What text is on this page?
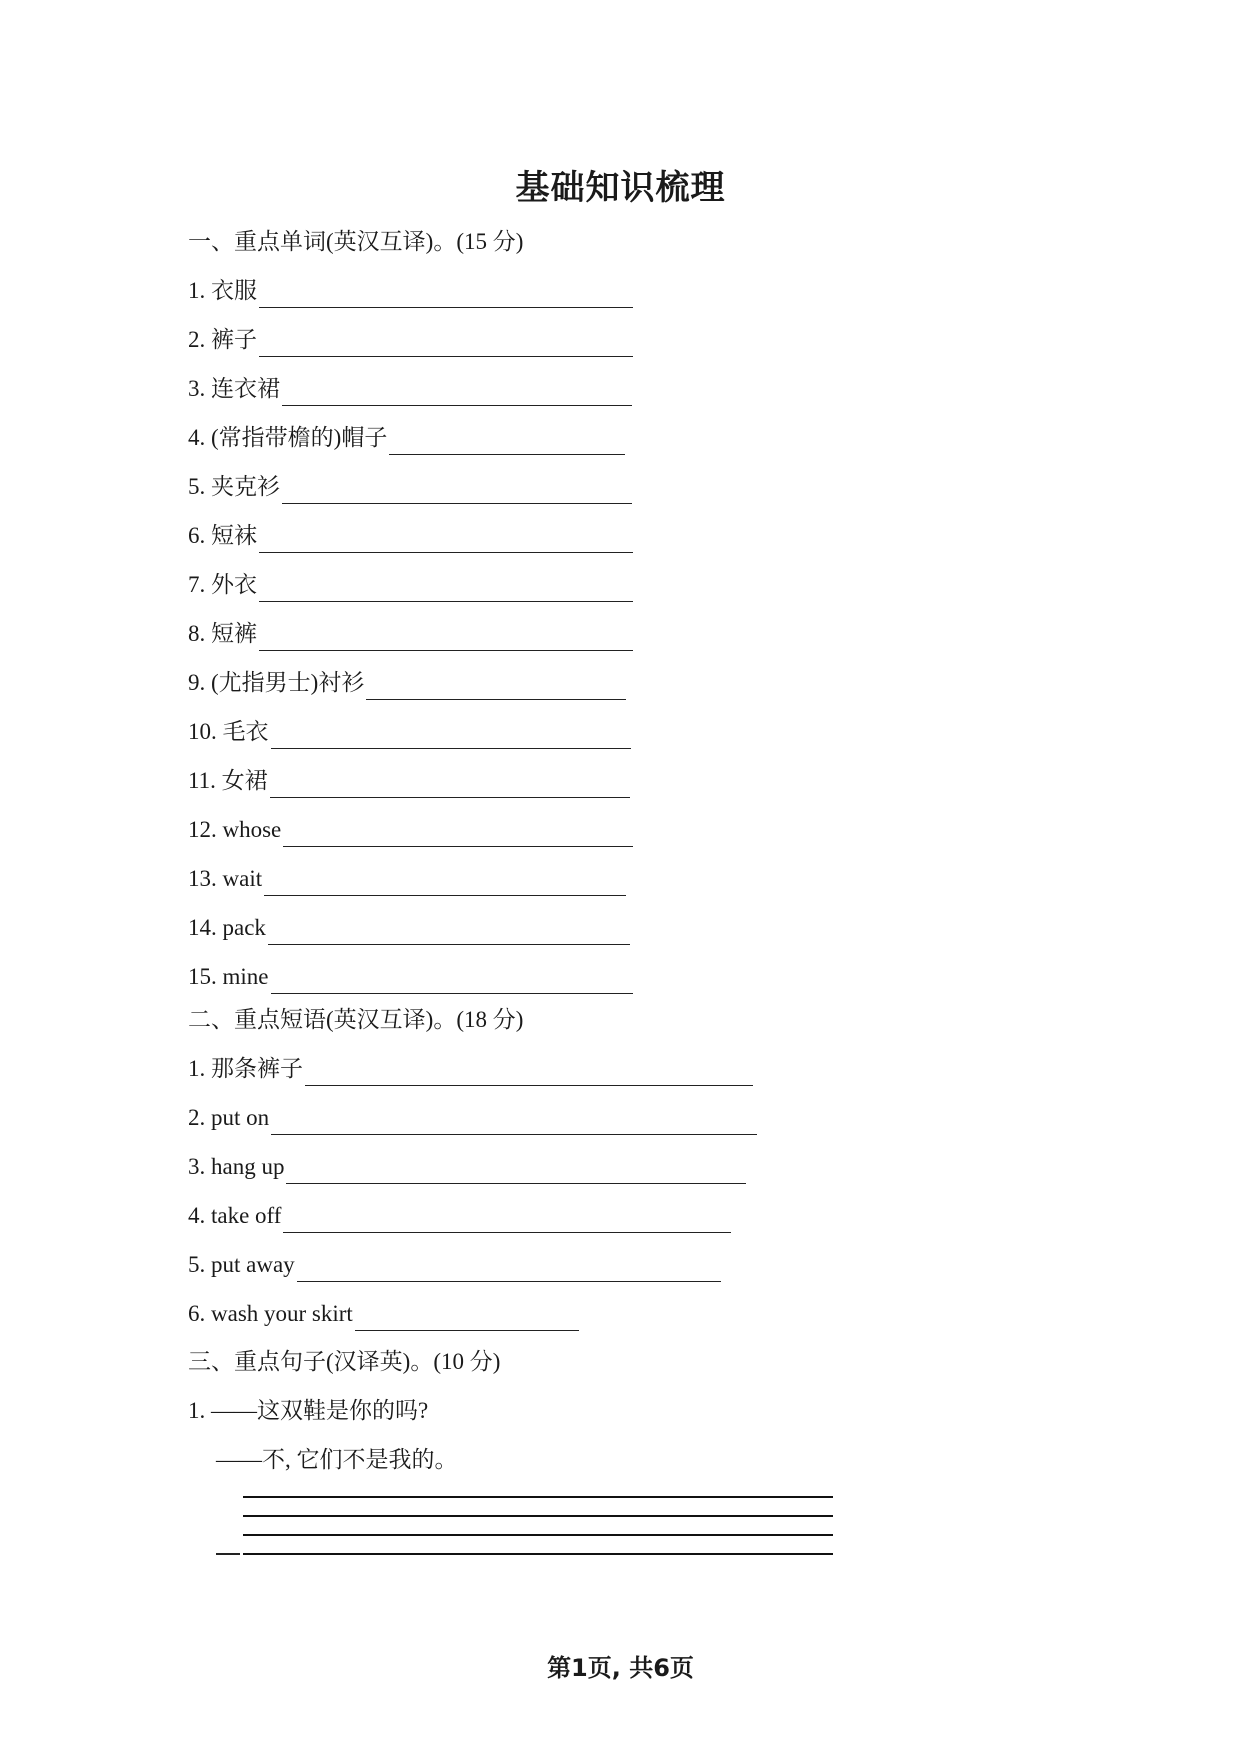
基础知识梳理
一、重点单词(英汉互译)。(15 分)
1. 衣服
2. 裤子
3. 连衣裙
4. (常指带檐的)帽子
5. 夹克衫
6. 短袜
7. 外衣
8. 短裤
9. (尤指男士)衬衫
10. 毛衣
11. 女裙
12. whose
13. wait
14. pack
15. mine
二、重点短语(英汉互译)。(18 分)
1. 那条裤子
2. put on
3. hang up
4. take off
5. put away
6. wash your skirt
三、重点句子(汉译英)。(10 分)
1. ——这双鞋是你的吗?
——不, 它们不是我的。
第1页, 共6页
